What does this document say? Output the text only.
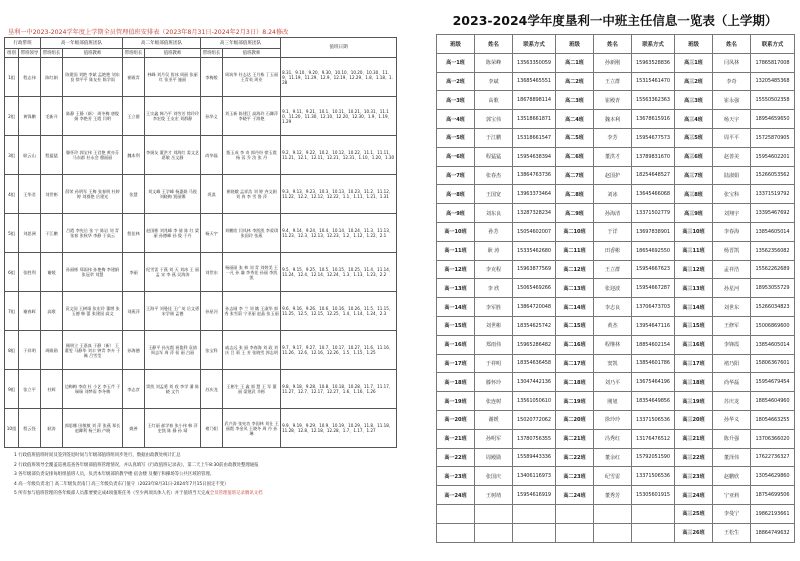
垦利一中2023-2024学年度上学期全员管理值班安排表（2023年8月31日-2024年2月3日）8.24修改
行政带班		高一年级部值班团队		高二年级部值班团队		高三年级部值班团队		值班日期
组别	带班领导	带班组长	值班教师	带班组长	值班教师	带班组长	值班教师	
1组	程志伟	陈红娟	陈建国 刘艳 李斌 孟艳艳 刘东良 徐平平 陈友杜 陈学雨	崔殿青	林峰 刘月仅 詹冰 周丽 张丽红 张亚平 施丽	李梅般	周筑华 杜志达 王月栋 丁玉丽 王青英 周业	8.31、9.10、9.20、9.30、10.10、10.20、10.30、11.9、11.19、11.29、12.9、12.19、12.29、1.8、1.18、1.28
2组	黄锋鹏	毛新开	陈静 王静（新） 周冬梅 唐俊娟 李艳芳 王霞 闫明	王立群	王宗鑫 韩乃平 刘劳芳 徐玲玲 李宏俊 王友宏 刘群静	孙华义	刘玉新 陈建江 高海玲 石卿萍 李晓平 于海艳	9.1、9.11、9.21、10.1、10.11、10.21、10.31、11.10、11.20、11.30、12.10、12.20、12.30、1.9、1.19、1.29
3组	耿云山	程猛猛	滕怀玲 郭宝伟 王君艳 黄亦芬 马东群 杜永会 穆丽丽	魏本利	李娟友 董洪才 刘海红 姜文艺 葛敏 岳文静	尚华磊	甄玉成 李 奇 郭丹纷 徐玉霞 杨 蓉 乔 汝 张 丹	9.2、9.12、9.22、10.2、10.12、10.22、11.1、11.11、11.21、12.1、12.11、12.21、12.31、1.10、1.20、1.30
4组	王华君	刘世彬	薛荣 孙明军 王梅 张春明 杜婷婷 刘群艳 岳建光	张慧	刘文峰 王学峰 杨惠娟 马锐 刘晓梅 贾丽娜	巩淇	崔晓娥 孟祥浩 刘 婷 齐文娟 刘 冉 李 雪 鲁 萍	9.3、9.13、9.23、10.3、10.13、10.23、11.2、11.12、11.22、12.2、12.12、12.22、1.1、1.11、1.21、1.31
5组	刘思洲	于江鹏	吕霞 李宪岳 张 宁 陈岩 刘 青 张春 张秋华 李静 于高云	程佳林	赵国彬 刘兆峰 李 倩 陈 红 梁 丽 孙德峰 孙 俊 于丹	杨天宇	刘鹏欣 闫凤林 李凯凯 李爱琪 张国玲 张燕	9.4、9.14、9.24、10.4、10.14、10.24、11.3、11.13、11.23、12.3、12.13、12.23、1.2、1.12、1.22、2.1
6组	张胜利	谢媛	孙丽彬 郑雨伟 孙艳梅 李建娟 张冠翠 刘慧	李丽	纪雪雷 于燕 刘 天 刘冰 王 丽 孟 宋 李 燕 吴海涛	刘世东	杨丽丽 张 林 刘 青 刘婷美 王一凡 孙 谦 李秀花 孙丽 李凯凯	9.5、9.15、9.25、10.5、10.15、10.25、11.4、11.14、11.24、12.4、12.14、12.24、1.3、1.13、1.23、2.2
7组	谢春晖	高歌	袁文国 王树靖 张宏玲 董增 张玉德 韩 蕾 张建国 高文	刘燕萍	王海平 刘曼佳 王广英 岳文勇 宋学刚 孟德	孙星河	孙志刚 李 兰 刘 娥 王淑华 郭秀 张雪蔚 宁亚丽 赵晶 张玉丽	9.6、9.16、9.26、10.6、10.16、10.26、11.5、11.15、11.25、12.5、12.15、12.25、1.4、1.14、1.24、2.3
8组	于祥明	周殿勋	顾明立 王嘉真 于静（新） 王董雯 马静华 刘丰 钟青 李卉 于佩 吕雪莹	孙海德	王静平 孙光霞 祝俊利 袁倩 周志军 周 萍 侯 丽 吕丽	张宝科	戚志远 张 丽 李春海 刘 政 刘 庆 吕 莉 王 芳 张晓雪 郭志明	9.7、9.17、9.27、10.7、10.17、10.27、11.6、11.16、11.26、12.6、12.16、12.26、1.5、1.15、1.25
9组	张立平	杜辉	边梅梅 李欣 杜 小艺 李玉芹 于 瑞瑞 刘梦雨 李冬梅	李志彦	窦凯 刘孟勇 刘 欣 李学 潘 陈晓 文竹	苏庆龙	王彬生 王 鑫 郭 慧 王 军 董 丽 梁建武 辛彬	9.8、9.18、9.28、10.8、10.18、10.28、11.7、11.17、11.27、12.7、12.17、12.27、1.6、1.16、1.26
10组	程云怪	耿涛	郭思娜 田敏敏 刘 萍 张燕 郑长 赵卿利 杨兰娟 卢晓	姚善	王红丽 郝学春 张小伟 韩 萍 史凯 陈 静 孙 靖	褚乃阳	武兴涛 张宪功 李国林 刘仕 王丽霞 李金凤 王晓冬 周 丹 孙 琳	9.9、9.19、9.29、10.9、10.19、10.29、11.8、11.18、11.28、12.8、12.18、12.28、1.7、1.17、1.27
1 行政值班值班时间及签到签退时间与年级部值班组同步进行，数据由政教处统计汇总
2 行政值班领导全覆盖巡视巡查各年级部值班管理情况，并认真填写《行政值班记录表》，第二天上午8:30前由政教处整理通报
3 各年级部负责安排每组组值班人员，负责本年级部的教学楼 宿舍楼 及餐厅和操场等公共区域的管理。
4 高一年级负责北门 高二年级负责南门 高三年级负责东门值守（2023年8月31日-2024年7月15日固定不变）
5 所有参与值班管理的各年级部人员都要要完成4项值班任务（至少两项具体人名）并于值班当天完成全员管理值班记录腾讯文档
2023-2024学年度垦利一中班主任信息一览表（上学期）
班级	姓名	联系方式	班级	姓名	联系方式	班级	姓名	联系方式
高一1班	陈荣峰	13563350059	高二1班	孙新刚	15963528836	高三1班	闫凤林	17865817008
高一2班	李斌	13685465551	高二2班	王立群	15315461470	高三2班	李奇	13205485368
高一3班	高歌	18678898114	高二3班	崔殿青	15563362363	高三3班	崔永强	15550502358
高一4班	郭宝伟	13518661871	高二4班	魏本利	13678615916	高三4班	杨天宇	18954659650
高一5班	于江鹏	15318661547	高二5班	李芳	15954677573	高三5班	周平平	15725870905
高一6班	程猛猛	15954638394	高二6班	董洪才	13789831670	高三6班	赵善美	15954602201
高一7班	张春杰	13864763736	高二7班	赵国护	18254648527	高三7班	陆淑娟	15266053562
高一8班	王国宽	13963373464	高二8班	刘冰	13645466068	高三8班	张宝科	13371519792
高一9班	刘东良	13287328234	高二9班	孙海清	13371502779	高三9班	刘翔宇	13395467692
高一10班	孙芳	15054602007	高二10班	于洋	13697838901	高三10班	李春海	13854605014
高一11班	耿 涛	15335462680	高二11班	田香彬	18654692550	高三11班	杨晋凯	13562356082
高一12班	李克程	15963877569	高二12班	王立群	15954667623	高三12班	孟祥浩	15562262689
高一13班	李 欣	15065469266	高二13班	张迎波	15954667287	高三13班	孙星河	18953055729
高一14班	李军胜	13864720048	高二14班	李志良	13706473703	高三14班	刘世东	15266034823
高一15班	刘世彬	18354625742	高二15班	黄杰	13954647116	高三15班	王修军	15006869600
高一16班	郑雨伟	15965286482	高二16班	程继林	18854602154	高三16班	李锋霞	13854605014
高一17班	于祥明	18354636458	高二17班	窦凯	13854601786	高三17班	褚乃阳	15806367601
高一18班	滕怀玲	13047442136	高二18班	刘乃平	13675464196	高三18班	尚华磊	15954679454
高一19班	张连树	13561050610	高二19班	刚旭	18354649856	高三19班	苏庆龙	18854604960
高一20班	谢媛	15020772062	高二20班	徐玲玲	13371506536	高三20班	孙华义	18054663255
高一21班	孙明军	13780756355	高二21班	冯秀红	13176476512	高三21班	陈升强	13706366020
高一22班	周殿勋	15589443336	高二22班	董余红	15792051590	高三22班	董泽伟	17622736327
高一23班	张国庆	13406116973	高二23班	纪雪雷	13371506536	高三23班	赵鹏欣	13054629860
高一24班	王树靖	15954616919	高二24班	董秀芳	15305601915	高三24班	宁亚莉	18754699506
						高三25班	李曼宁	19862193661
						高三26班	王松生	18864749632
